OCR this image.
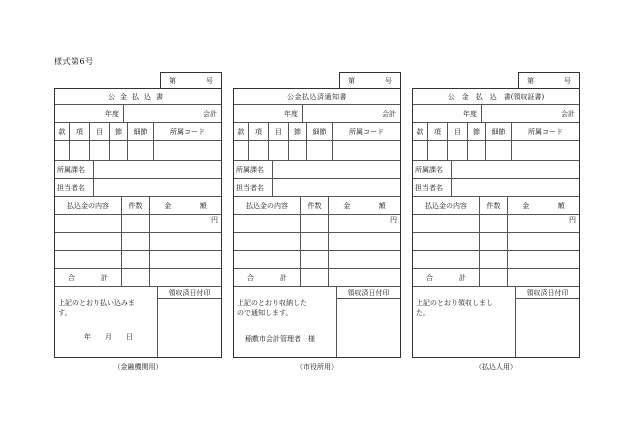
様式第6号
第	号
公金払込書
年度	会計
款	項	目	節	細節	所属コード
所属課名
担当者名
払込金の内容	件数	金	額
円
合	計
領収済日付印
上記のとおり払い込みま
す。

年　　 月　　 日

（金融機関用）
第	号
公金払込済通知書
年度	会計
款	項	目	節	細節	所属コード
所属課名
担当者名
払込金の内容	件数	金	額
円
合	計
領収済日付印
上記のとおり収納した
ので通知します。
稲敷市会計管理者　様
（市役所用）
第	号
公　金　払　込　書(領収証書)
年度	会計
款	項	目	節	細節	所属コード
所属課名
担当者名
払込金の内容	件数	金	額
円
合	計
領収済日付印
上記のとおり領収しまし
た。
（払込人用）
